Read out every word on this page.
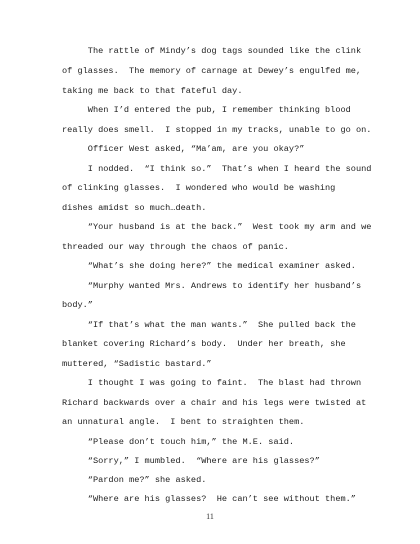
The rattle of Mindy’s dog tags sounded like the clink
of glasses.  The memory of carnage at Dewey’s engulfed me,
taking me back to that fateful day.
When I’d entered the pub, I remember thinking blood
really does smell.  I stopped in my tracks, unable to go on.
Officer West asked, “Ma’am, are you okay?”
I nodded.  “I think so.”  That’s when I heard the sound
of clinking glasses.  I wondered who would be washing
dishes amidst so much…death.
“Your husband is at the back.”  West took my arm and we
threaded our way through the chaos of panic.
“What’s she doing here?” the medical examiner asked.
“Murphy wanted Mrs. Andrews to identify her husband’s
body.”
“If that’s what the man wants.”  She pulled back the
blanket covering Richard’s body.  Under her breath, she
muttered, “Sadistic bastard.”
I thought I was going to faint.  The blast had thrown
Richard backwards over a chair and his legs were twisted at
an unnatural angle.  I bent to straighten them.
“Please don’t touch him,” the M.E. said.
“Sorry,” I mumbled.  “Where are his glasses?”
“Pardon me?” she asked.
“Where are his glasses?  He can’t see without them.”
11
